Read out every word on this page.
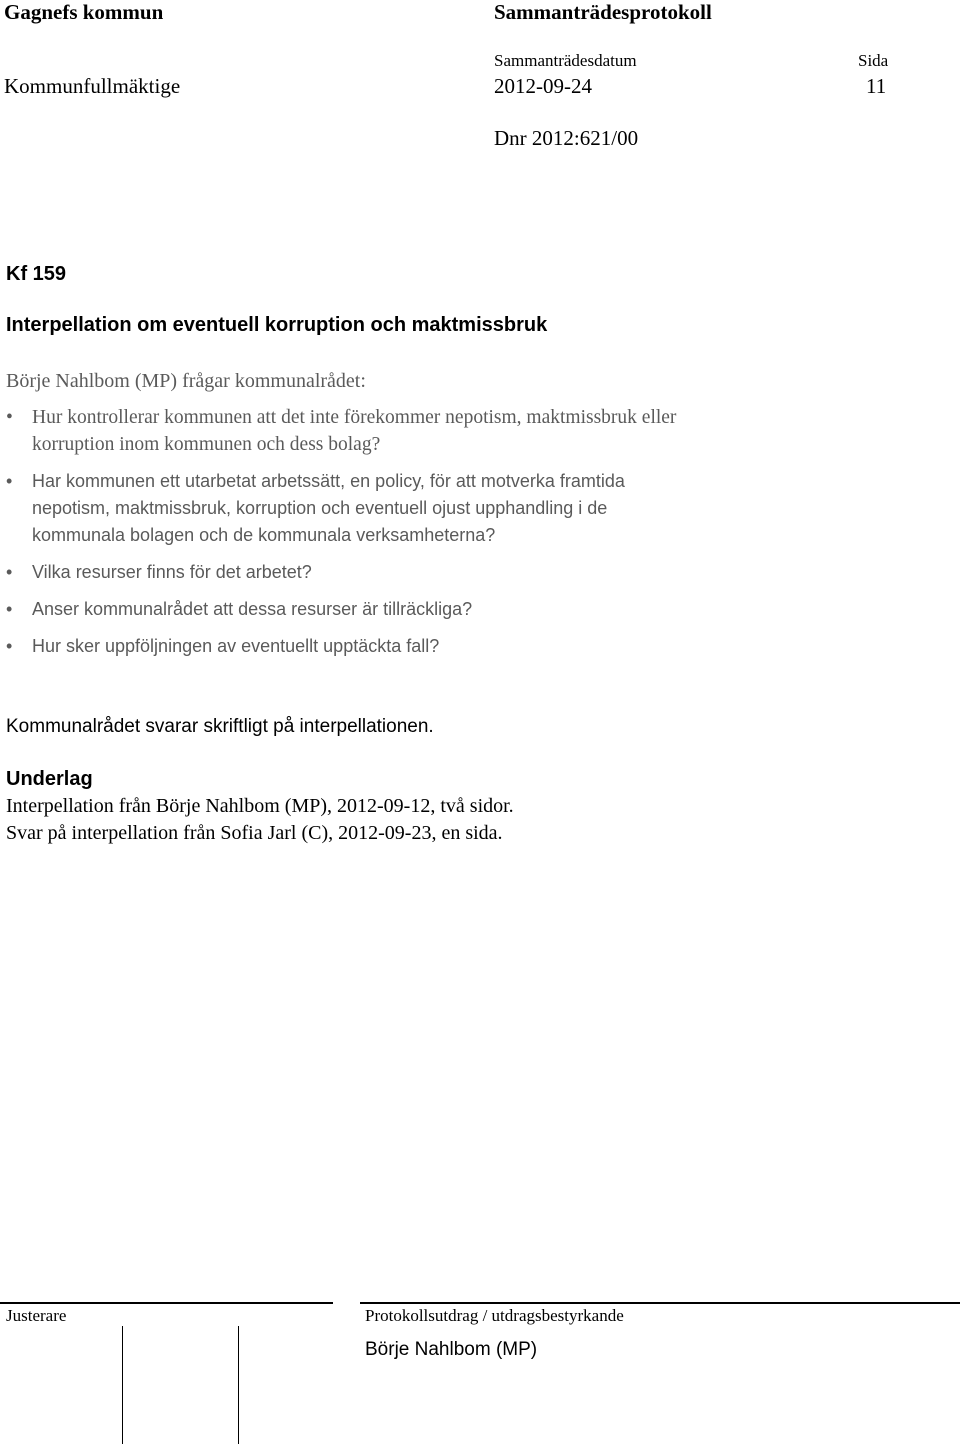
Gagnefs kommun	Sammanträdesprotokoll
Sammanträdesdatum	Sida
Kommunfullmäktige	2012-09-24	11
Dnr 2012:621/00
Kf 159
Interpellation om eventuell korruption och maktmissbruk
Börje Nahlbom (MP) frågar kommunalrådet:
• Hur kontrollerar kommunen att det inte förekommer nepotism, maktmissbruk eller korruption inom kommunen och dess bolag?
• Har kommunen ett utarbetat arbetssätt, en policy, för att motverka framtida nepotism, maktmissbruk, korruption och eventuell ojust upphandling i de kommunala bolagen och de kommunala verksamheterna?
• Vilka resurser finns för det arbetet?
• Anser kommunalrådet att dessa resurser är tillräckliga?
• Hur sker uppföljningen av eventuellt upptäckta fall?
Kommunalrådet svarar skriftligt på interpellationen.
Underlag
Interpellation från Börje Nahlbom (MP), 2012-09-12, två sidor.
Svar på interpellation från Sofia Jarl (C), 2012-09-23, en sida.
Justerare	Protokollsutdrag / utdragsbestyrkande
Börje Nahlbom (MP)
